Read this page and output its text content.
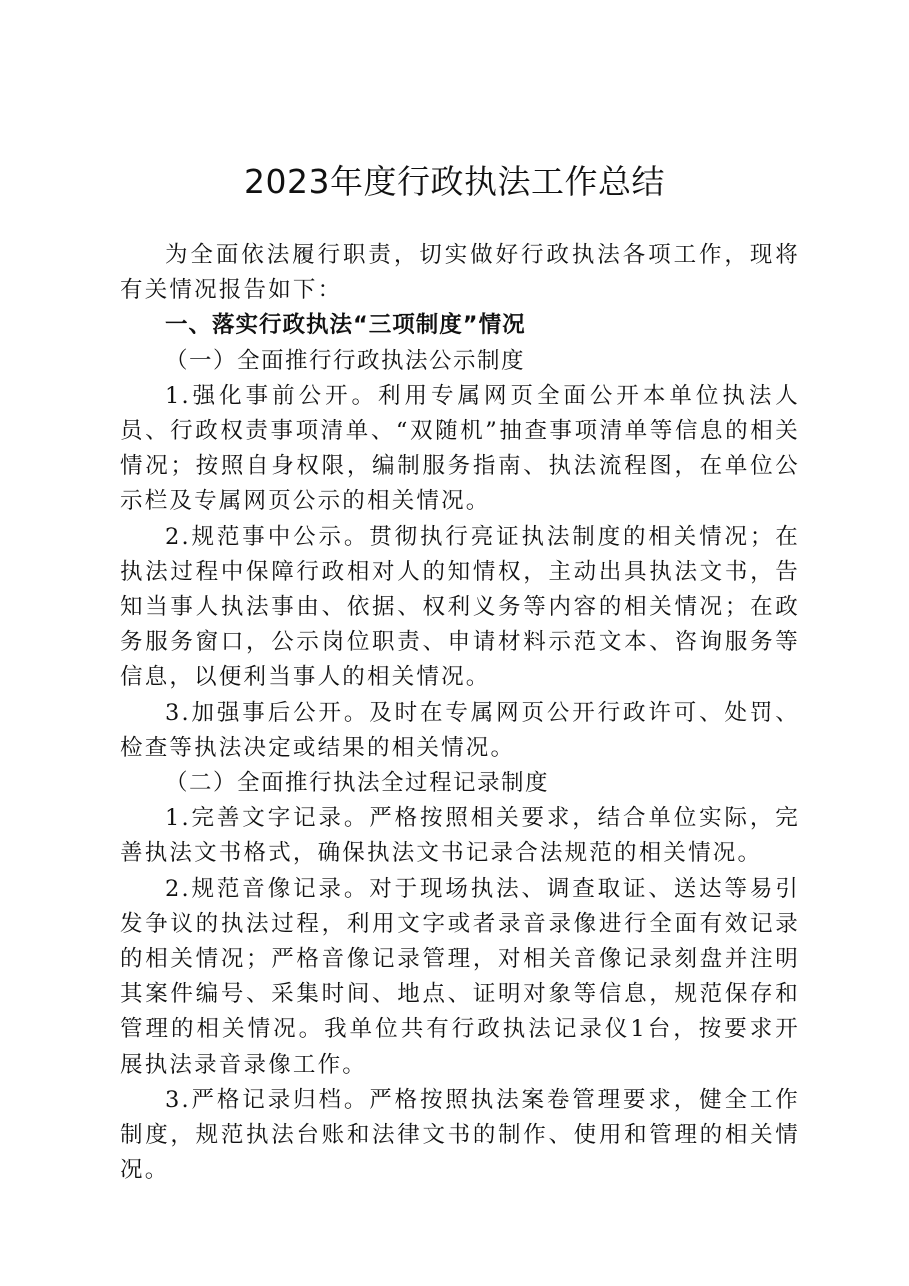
2023年度行政执法工作总结

为全面依法履行职责，切实做好行政执法各项工作，现将有关情况报告如下：

一、落实行政执法“三项制度”情况

（一）全面推行行政执法公示制度

1.强化事前公开。利用专属网页全面公开本单位执法人员、行政权责事项清单、“双随机”抽查事项清单等信息的相关情况；按照自身权限，编制服务指南、执法流程图，在单位公示栏及专属网页公示的相关情况。

2.规范事中公示。贯彻执行亮证执法制度的相关情况；在执法过程中保障行政相对人的知情权，主动出具执法文书，告知当事人执法事由、依据、权利义务等内容的相关情况；在政务服务窗口，公示岗位职责、申请材料示范文本、咨询服务等信息，以便利当事人的相关情况。

3.加强事后公开。及时在专属网页公开行政许可、处罚、检查等执法决定或结果的相关情况。

（二）全面推行执法全过程记录制度

1.完善文字记录。严格按照相关要求，结合单位实际，完善执法文书格式，确保执法文书记录合法规范的相关情况。

2.规范音像记录。对于现场执法、调查取证、送达等易引发争议的执法过程，利用文字或者录音录像进行全面有效记录的相关情况；严格音像记录管理，对相关音像记录刻盘并注明其案件编号、采集时间、地点、证明对象等信息，规范保存和管理的相关情况。我单位共有行政执法记录仪1台，按要求开展执法录音录像工作。

3.严格记录归档。严格按照执法案卷管理要求，健全工作制度，规范执法台账和法律文书的制作、使用和管理的相关情况。
